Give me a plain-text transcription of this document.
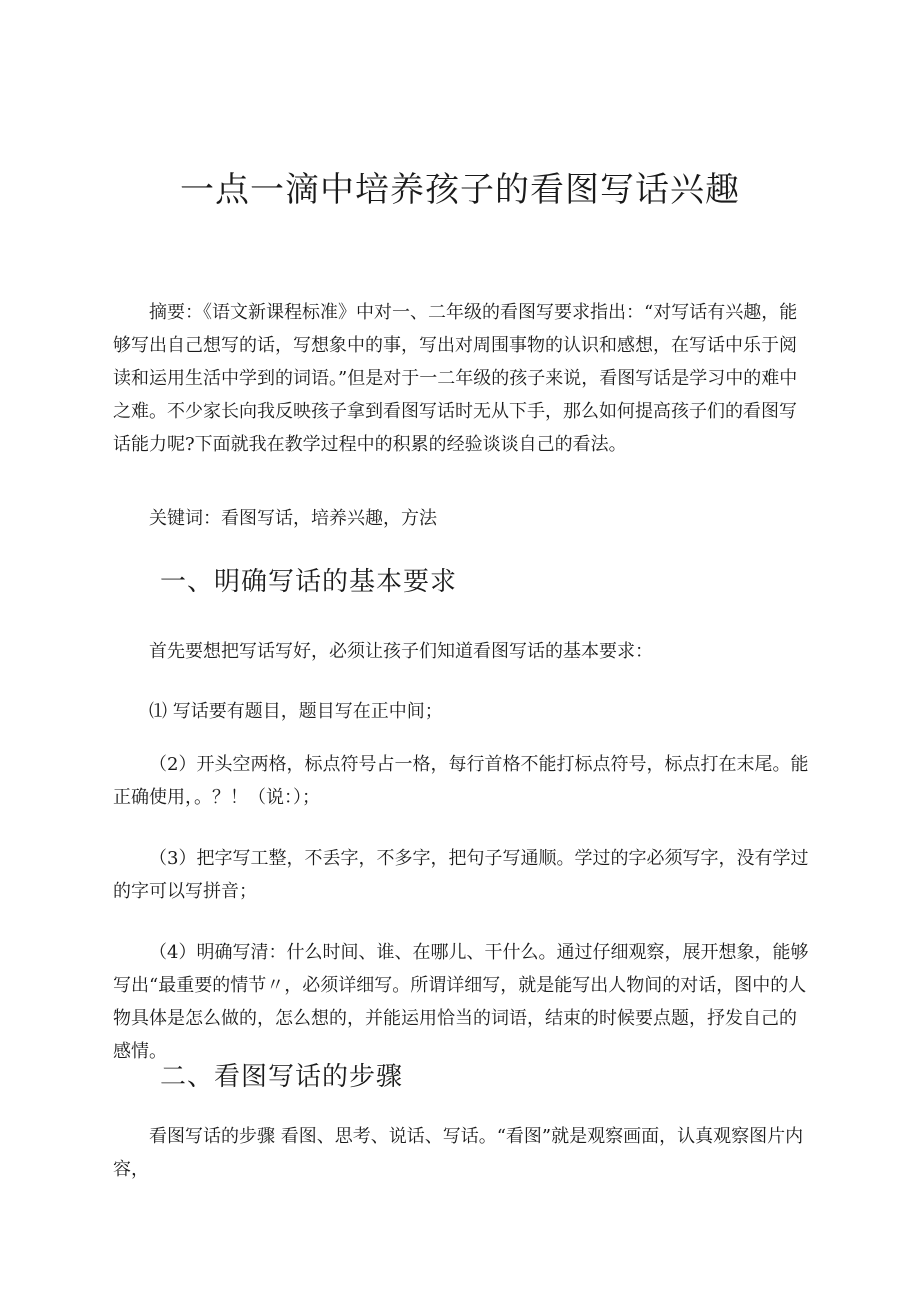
一点一滴中培养孩子的看图写话兴趣

摘要：《语文新课程标准》中对一、二年级的看图写要求指出：“对写话有兴趣，能够写出自己想写的话，写想象中的事，写出对周围事物的认识和感想，在写话中乐于阅读和运用生活中学到的词语。”但是对于一二年级的孩子来说，看图写话是学习中的难中之难。不少家长向我反映孩子拿到看图写话时无从下手，那么如何提高孩子们的看图写话能力呢?下面就我在教学过程中的积累的经验谈谈自己的看法。

关键词：看图写话，培养兴趣，方法

一、明确写话的基本要求

首先要想把写话写好，必须让孩子们知道看图写话的基本要求：

⑴ 写话要有题目，题目写在正中间；

（2）开头空两格，标点符号占一格，每行首格不能打标点符号，标点打在末尾。能正确使用，。？！（说：）；

（3）把字写工整，不丢字，不多字，把句子写通顺。学过的字必须写字，没有学过的字可以写拼音；

（4）明确写清：什么时间、谁、在哪儿、干什么。通过仔细观察，展开想象，能够写出“最重要的情节〃，必须详细写。所谓详细写，就是能写出人物间的对话，图中的人物具体是怎么做的，怎么想的，并能运用恰当的词语，结束的时候要点题，抒发自己的感情。

二、看图写话的步骤

看图写话的步骤 看图、思考、说话、写话。“看图”就是观察画面，认真观察图片内容，
